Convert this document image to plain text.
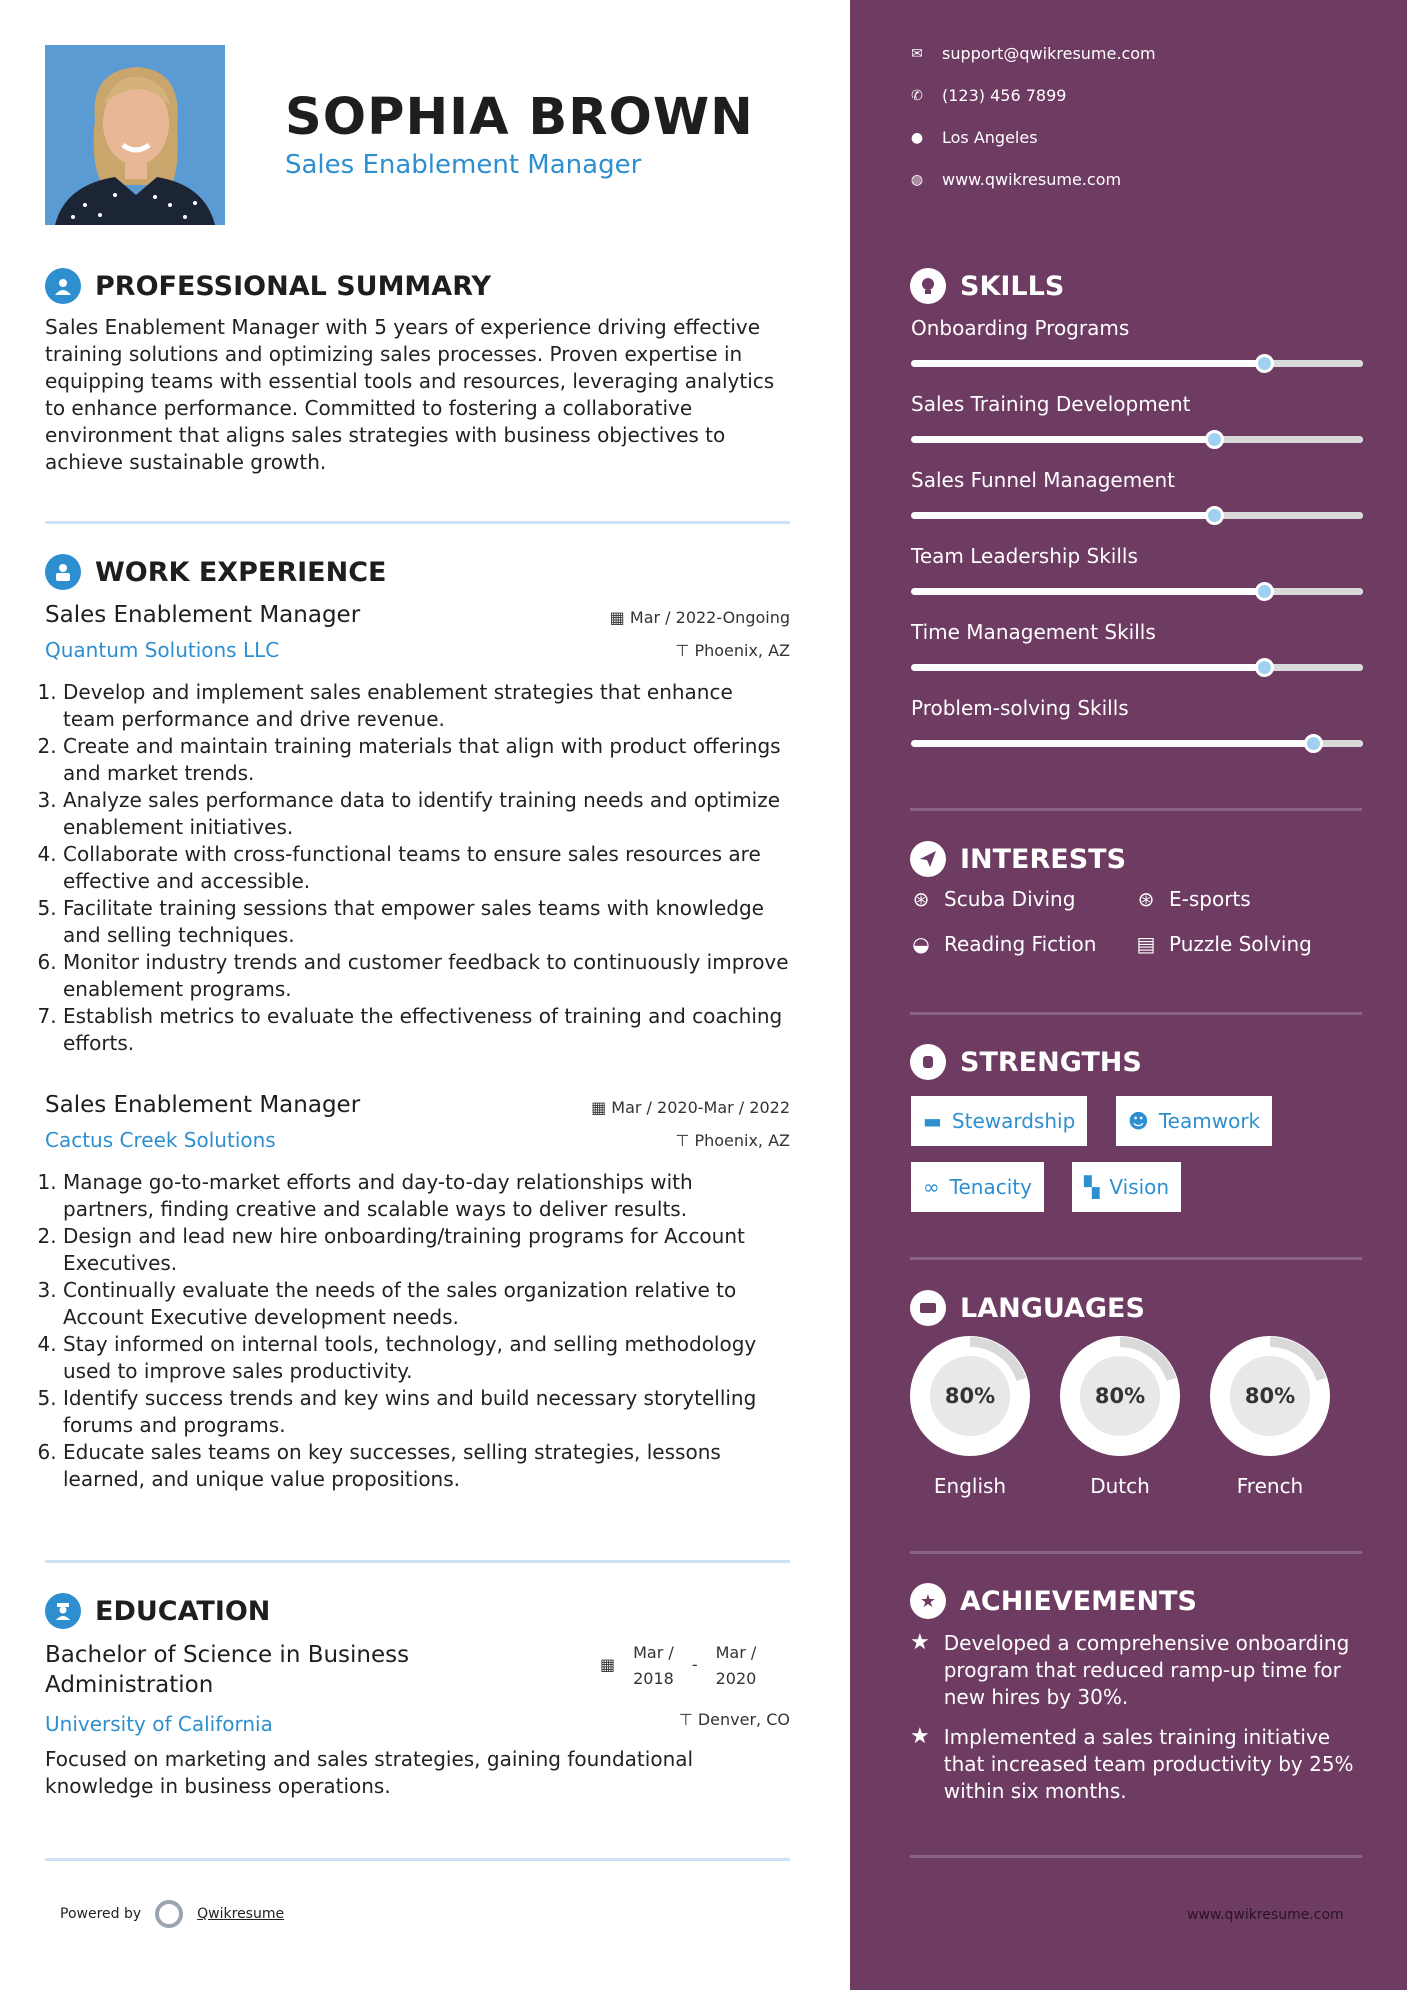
SOPHIA BROWN
Sales Enablement Manager
PROFESSIONAL SUMMARY
Sales Enablement Manager with 5 years of experience driving effective training solutions and optimizing sales processes. Proven expertise in equipping teams with essential tools and resources, leveraging analytics to enhance performance. Committed to fostering a collaborative environment that aligns sales strategies with business objectives to achieve sustainable growth.
WORK EXPERIENCE
Sales Enablement Manager
Quantum Solutions LLC
▦ Mar / 2022-Ongoing
⊤ Phoenix, AZ
1. Develop and implement sales enablement strategies that enhance team performance and drive revenue.
2. Create and maintain training materials that align with product offerings and market trends.
3. Analyze sales performance data to identify training needs and optimize enablement initiatives.
4. Collaborate with cross-functional teams to ensure sales resources are effective and accessible.
5. Facilitate training sessions that empower sales teams with knowledge and selling techniques.
6. Monitor industry trends and customer feedback to continuously improve enablement programs.
7. Establish metrics to evaluate the effectiveness of training and coaching efforts.
Sales Enablement Manager
Cactus Creek Solutions
▦ Mar / 2020-Mar / 2022
⊤ Phoenix, AZ
1. Manage go-to-market efforts and day-to-day relationships with partners, finding creative and scalable ways to deliver results.
2. Design and lead new hire onboarding/training programs for Account Executives.
3. Continually evaluate the needs of the sales organization relative to Account Executive development needs.
4. Stay informed on internal tools, technology, and selling methodology used to improve sales productivity.
5. Identify success trends and key wins and build necessary storytelling forums and programs.
6. Educate sales teams on key successes, selling strategies, lessons learned, and unique value propositions.
EDUCATION
Bachelor of Science in Business Administration
University of California
Focused on marketing and sales strategies, gaining foundational knowledge in business operations.
▦
Mar /
2018
-
Mar /
2020
⊤ Denver, CO
Powered by	Qwikresume
✉ support@qwikresume.com
✆ (123) 456 7899
● Los Angeles
◍ www.qwikresume.com
SKILLS
Onboarding Programs
Sales Training Development
Sales Funnel Management
Team Leadership Skills
Time Management Skills
Problem-solving Skills
INTERESTS
⊛ Scuba Diving	⊛ E-sports
◒ Reading Fiction ▤ Puzzle Solving
STRENGTHS
▬ Stewardship	☻ Teamwork
∞ Tenacity	▚ Vision
LANGUAGES
80%
English
80%
Dutch
80%
French
★ ACHIEVEMENTS
★ Developed a comprehensive onboarding program that reduced ramp-up time for new hires by 30%.
★ Implemented a sales training initiative that increased team productivity by 25% within six months.
www.qwikresume.com
